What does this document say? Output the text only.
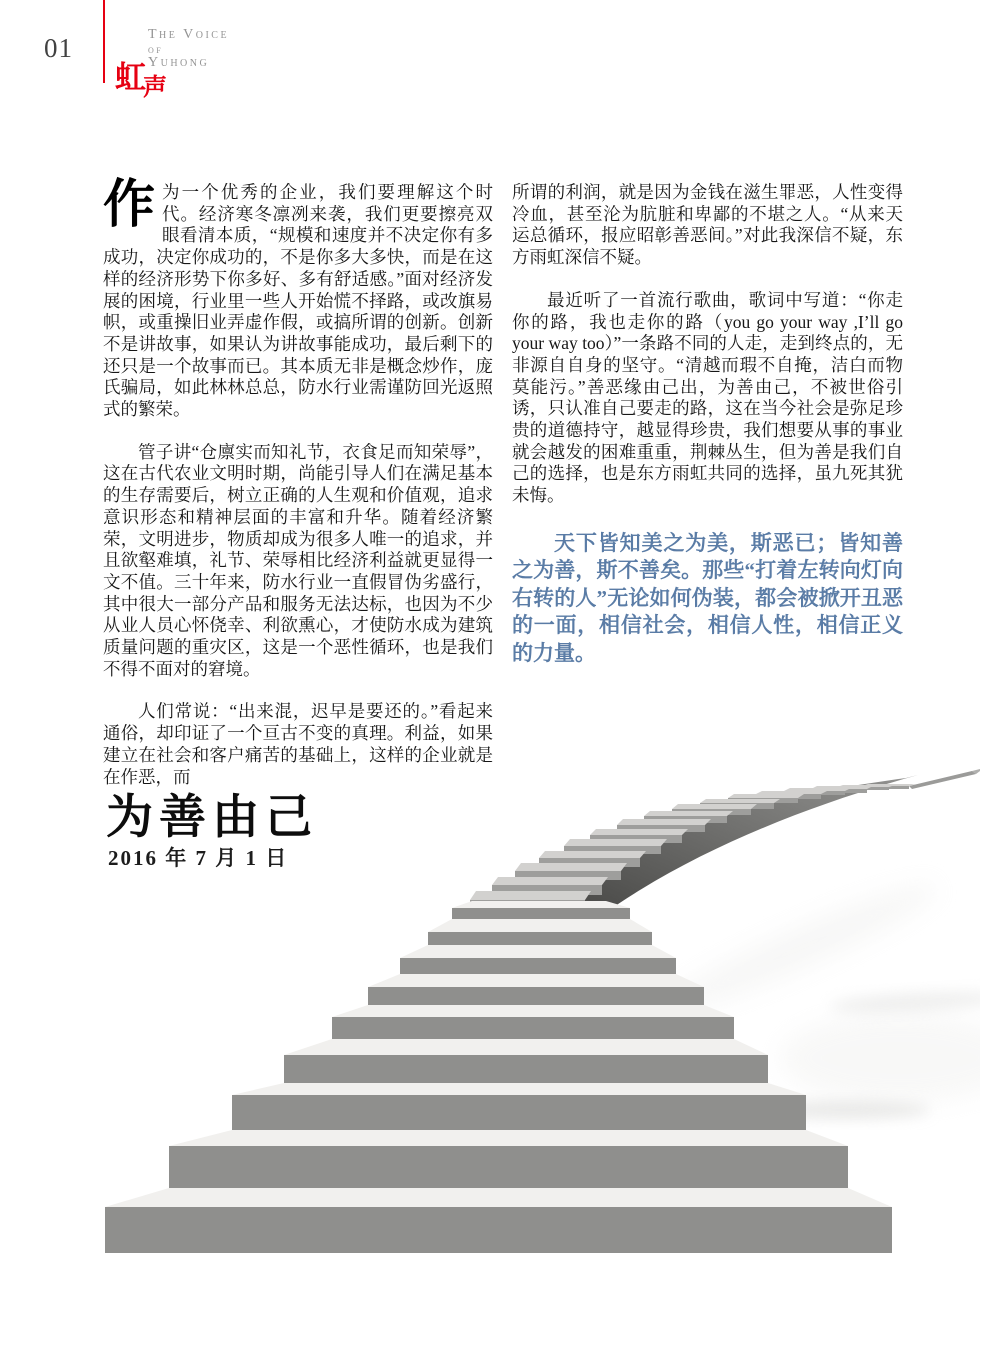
01	The Voice
of
Yuhong
虹声

作为一个优秀的企业，我们要理解这个时代。经济寒冬凛冽来袭，我们更要擦亮双眼看清本质，“规模和速度并不决定你有多成功，决定你成功的，不是你多大多快，而是在这样的经济形势下你多好、多有舒适感。”面对经济发展的困境，行业里一些人开始慌不择路，或改旗易帜，或重操旧业弄虚作假，或搞所谓的创新。创新不是讲故事，如果认为讲故事能成功，最后剩下的还只是一个故事而已。其本质无非是概念炒作，庞氏骗局，如此林林总总，防水行业需谨防回光返照式的繁荣。

管子讲“仓廪实而知礼节，衣食足而知荣辱”，这在古代农业文明时期，尚能引导人们在满足基本的生存需要后，树立正确的人生观和价值观，追求意识形态和精神层面的丰富和升华。随着经济繁荣，文明进步，物质却成为很多人唯一的追求，并且欲壑难填，礼节、荣辱相比经济利益就更显得一文不值。三十年来，防水行业一直假冒伪劣盛行，其中很大一部分产品和服务无法达标，也因为不少从业人员心怀侥幸、利欲熏心，才使防水成为建筑质量问题的重灾区，这是一个恶性循环，也是我们不得不面对的窘境。

人们常说：“出来混，迟早是要还的。”看起来通俗，却印证了一个亘古不变的真理。利益，如果建立在社会和客户痛苦的基础上，这样的企业就是在作恶，而

所谓的利润，就是因为金钱在滋生罪恶，人性变得冷血，甚至沦为肮脏和卑鄙的不堪之人。“从来天运总循环，报应昭彰善恶间。”对此我深信不疑，东方雨虹深信不疑。

最近听了一首流行歌曲，歌词中写道：“你走你的路，我也走你的路（you go your way ,I’ll go your way too）”一条路不同的人走，走到终点的，无非源自自身的坚守。“清越而瑕不自掩，洁白而物莫能污。”善恶缘由己出，为善由己，不被世俗引诱，只认准自己要走的路，这在当今社会是弥足珍贵的道德持守，越显得珍贵，我们想要从事的事业就会越发的困难重重，荆棘丛生，但为善是我们自己的选择，也是东方雨虹共同的选择，虽九死其犹未悔。

天下皆知美之为美，斯恶已；皆知善之为善，斯不善矣。那些“打着左转向灯向右转的人”无论如何伪装，都会被掀开丑恶的一面，相信社会，相信人性，相信正义的力量。

为善由己
2016 年 7 月 1 日
